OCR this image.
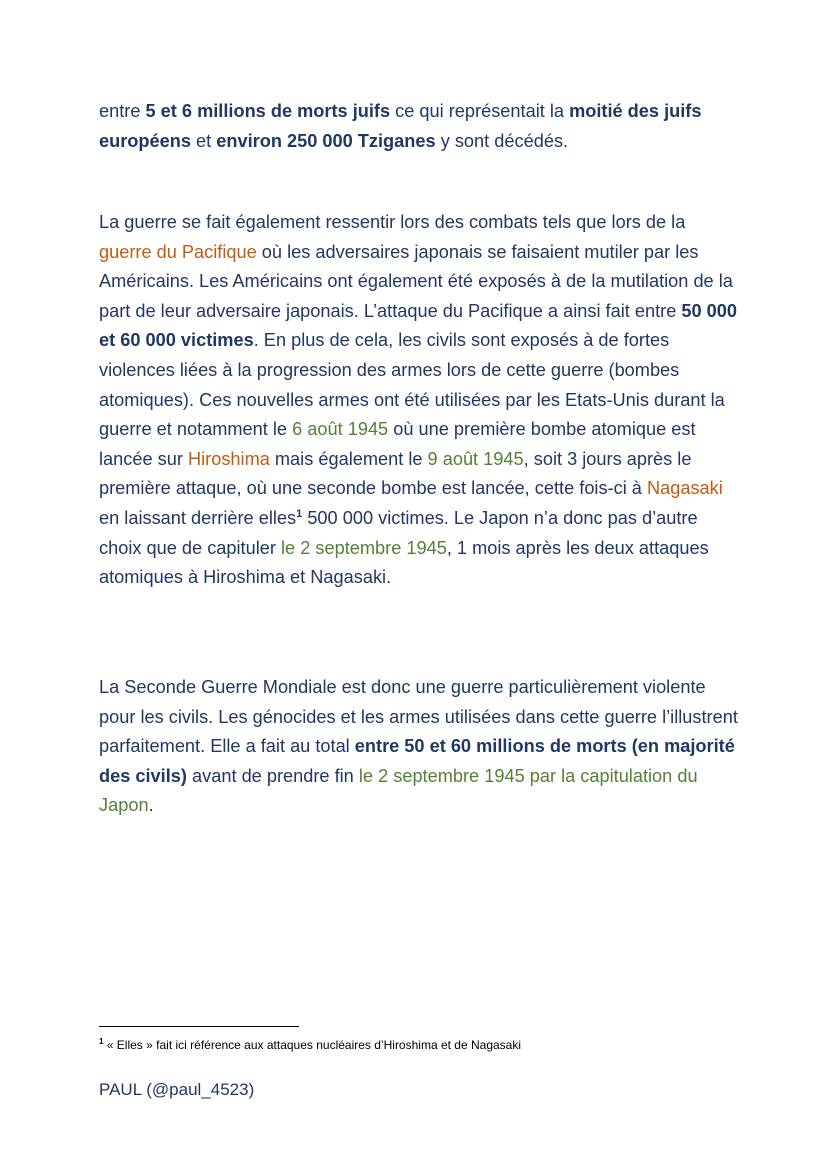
entre 5 et 6 millions de morts juifs ce qui représentait la moitié des juifs européens et environ 250 000 Tziganes y sont décédés.

La guerre se fait également ressentir lors des combats tels que lors de la guerre du Pacifique où les adversaires japonais se faisaient mutiler par les Américains. Les Américains ont également été exposés à de la mutilation de la part de leur adversaire japonais. L’attaque du Pacifique a ainsi fait entre 50 000 et 60 000 victimes. En plus de cela, les civils sont exposés à de fortes violences liées à la progression des armes lors de cette guerre (bombes atomiques). Ces nouvelles armes ont été utilisées par les Etats-Unis durant la guerre et notamment le 6 août 1945 où une première bombe atomique est lancée sur Hiroshima mais également le 9 août 1945, soit 3 jours après le première attaque, où une seconde bombe est lancée, cette fois-ci à Nagasaki en laissant derrière elles$^1$ 500 000 victimes. Le Japon n’a donc pas d’autre choix que de capituler le 2 septembre 1945, 1 mois après les deux attaques atomiques à Hiroshima et Nagasaki.

La Seconde Guerre Mondiale est donc une guerre particulièrement violente pour les civils. Les génocides et les armes utilisées dans cette guerre l’illustrent parfaitement. Elle a fait au total entre 50 et 60 millions de morts (en majorité des civils) avant de prendre fin le 2 septembre 1945 par la capitulation du Japon.

$^1$ « Elles » fait ici référence aux attaques nucléaires d’Hiroshima et de Nagasaki

PAUL (@paul_4523)
